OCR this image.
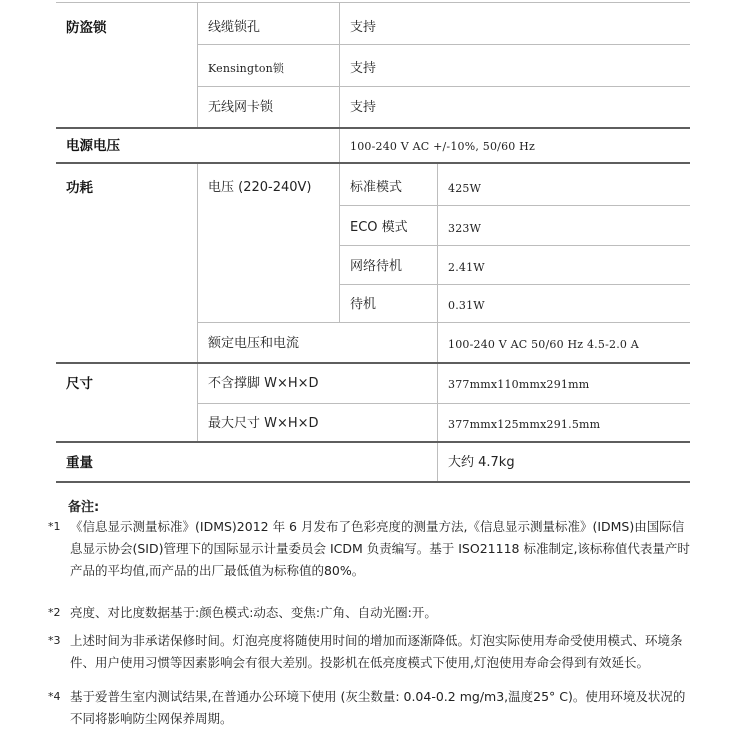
防盗锁	线缆锁孔	支持
Kensington锁	支持
无线网卡锁	支持
电源电压	100-240 V AC +/-10%, 50/60 Hz
功耗	电压 (220-240V)	标准模式	425W
ECO 模式	323W
网络待机	2.41W
待机	0.31W
额定电压和电流	100-240 V AC 50/60 Hz 4.5-2.0 A
尺寸	不含撑脚 W×H×D	377mmx110mmx291mm
最大尺寸 W×H×D	377mmx125mmx291.5mm
重量	大约 4.7kg
备注:
*1 《信息显示测量标准》(IDMS)2012 年 6 月发布了色彩亮度的测量方法,《信息显示测量标准》(IDMS)由国际信息显示协会(SID)管理下的国际显示计量委员会 ICDM 负责编写。基于 ISO21118 标准制定,该标称值代表量产时产品的平均值,而产品的出厂最低值为标称值的80%。
*2 亮度、对比度数据基于:颜色模式:动态、变焦:广角、自动光圈:开。
*3 上述时间为非承诺保修时间。灯泡亮度将随使用时间的增加而逐渐降低。灯泡实际使用寿命受使用模式、环境条件、用户使用习惯等因素影响会有很大差别。投影机在低亮度模式下使用,灯泡使用寿命会得到有效延长。
*4 基于爱普生室内测试结果,在普通办公环境下使用 (灰尘数量: 0.04-0.2 mg/m3,温度25° C)。使用环境及状况的不同将影响防尘网保养周期。
